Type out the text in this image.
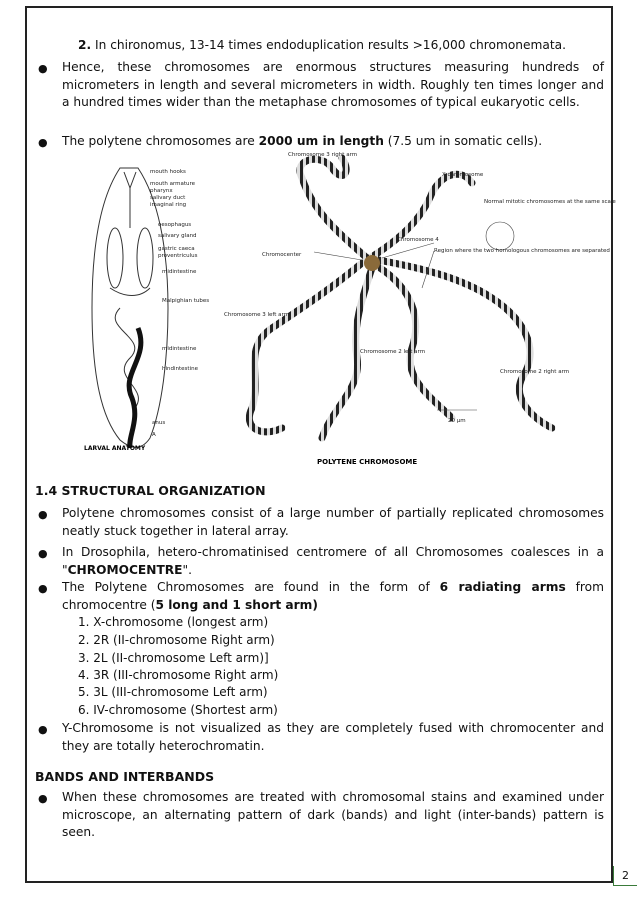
2. In chironomus, 13-14 times endoduplication results >16,000 chromonemata.
● Hence, these chromosomes are enormous structures measuring hundreds of micrometers in length and several micrometers in width. Roughly ten times longer and a hundred times wider than the metaphase chromosomes of typical eukaryotic cells.
● The polytene chromosomes are 2000 um in length (7.5 um in somatic cells).
mouth hooks
mouth armature
pharynx
salivary duct
imaginal ring
oesophagus
salivary gland
gastric caeca
proventriculus
midintestine
Malpighian tubes
midintestine
hindintestine
anus
A
LARVAL ANATOMY
Chromosome 3 right arm
X chromosome
Normal mitotic chromosomes at the same scale
Chromosome 4
Chromocenter
Region where the two homologous chromosomes are separated
Chromosome 3 left arm
Chromosome 2 left arm
Chromosome 2 right arm
20 µm
POLYTENE CHROMOSOME
1.4 STRUCTURAL ORGANIZATION
● Polytene chromosomes consist of a large number of partially replicated chromosomes neatly stuck together in lateral array.
● In Drosophila, hetero-chromatinised centromere of all Chromosomes coalesces in a "CHROMOCENTRE".
● The Polytene Chromosomes are found in the form of 6 radiating arms from chromocentre (5 long and 1 short arm)
1. X-chromosome (longest arm)
2. 2R (II-chromosome Right arm)
3. 2L (II-chromosome Left arm)]
4. 3R (III-chromosome Right arm)
5. 3L (III-chromosome Left arm)
6. IV-chromosome (Shortest arm)
● Y-Chromosome is not visualized as they are completely fused with chromocenter and they are totally heterochromatin.
BANDS AND INTERBANDS
● When these chromosomes are treated with chromosomal stains and examined under microscope, an alternating pattern of dark (bands) and light (inter-bands) pattern is seen.
2
